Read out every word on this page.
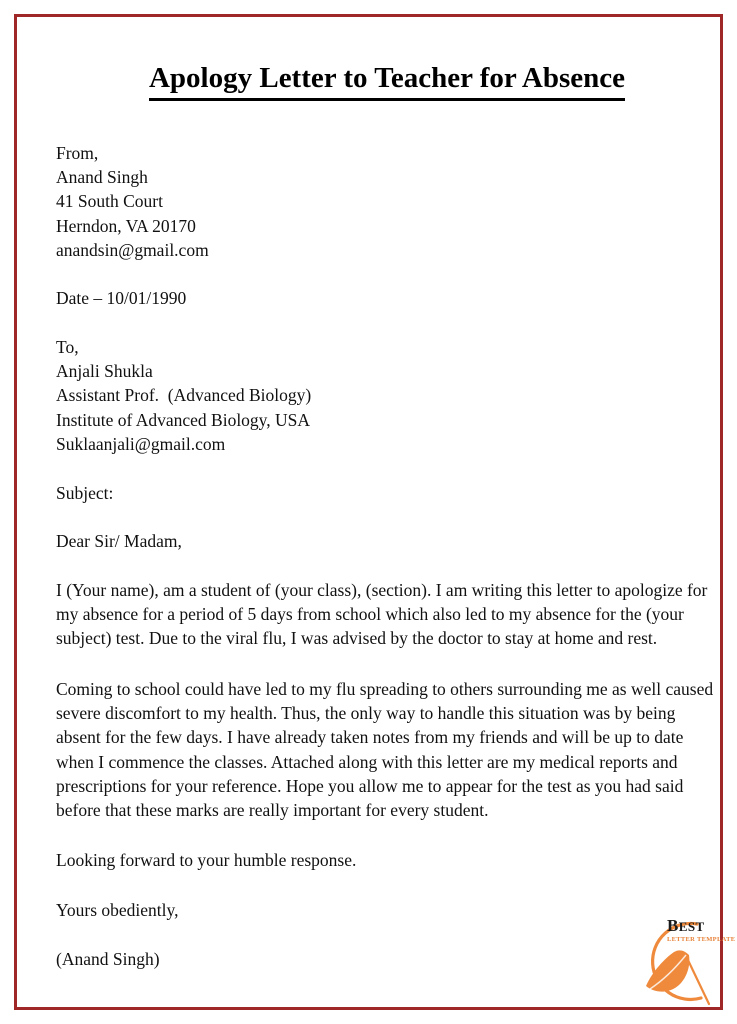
Apology Letter to Teacher for Absence
From,
Anand Singh
41 South Court
Herndon, VA 20170
anandsin@gmail.com
Date – 10/01/1990
To,
Anjali Shukla
Assistant Prof.  (Advanced Biology)
Institute of Advanced Biology, USA
Suklaanjali@gmail.com
Subject:
Dear Sir/ Madam,
I (Your name), am a student of (your class), (section). I am writing this letter to apologize for my absence for a period of 5 days from school which also led to my absence for the (your subject) test. Due to the viral flu, I was advised by the doctor to stay at home and rest.
Coming to school could have led to my flu spreading to others surrounding me as well caused severe discomfort to my health. Thus, the only way to handle this situation was by being absent for the few days. I have already taken notes from my friends and will be up to date when I commence the classes. Attached along with this letter are my medical reports and prescriptions for your reference. Hope you allow me to appear for the test as you had said before that these marks are really important for every student.
Looking forward to your humble response.
Yours obediently,
(Anand Singh)
BEST
LETTER TEMPLATE
